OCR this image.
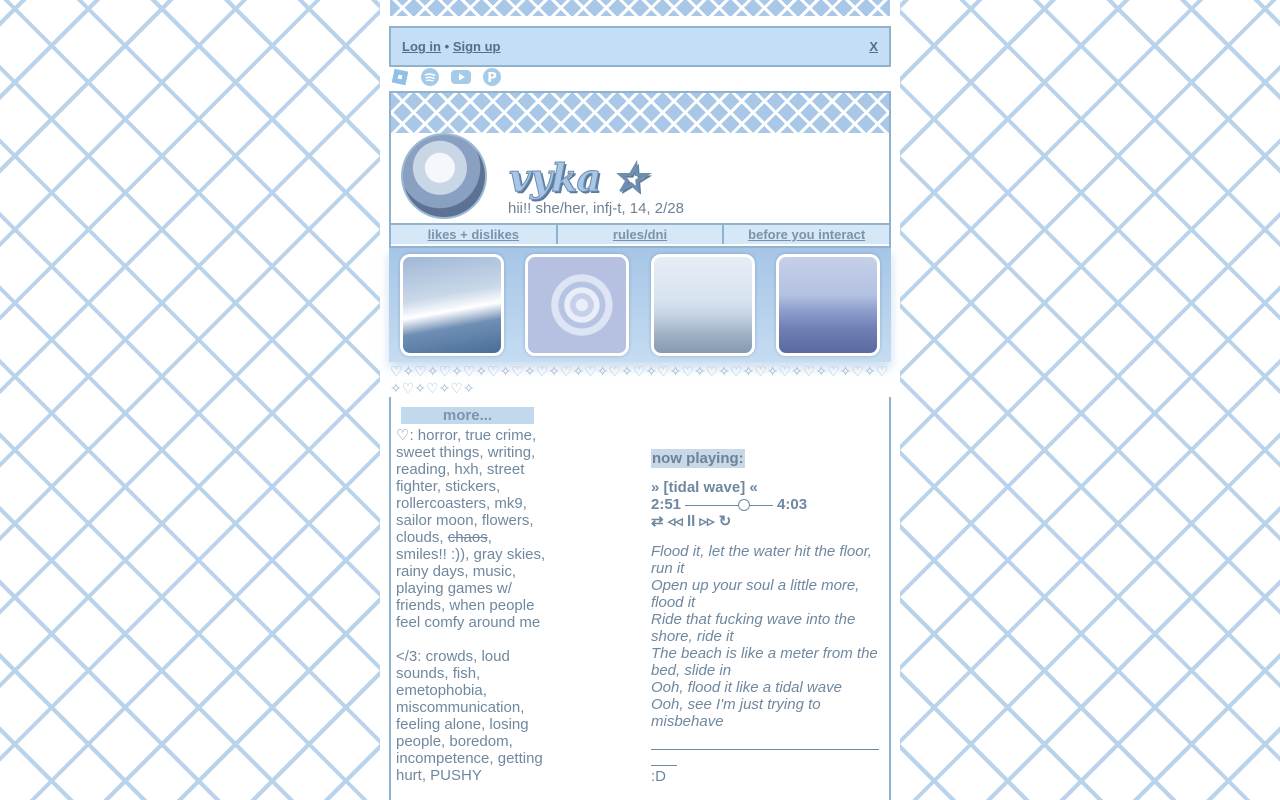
Log in • Sign up	X
P
vyka ☆
hii!! she/her, infj-t, 14, 2/28
likes + dislikes	rules/dni	before you interact
♡✧♡✧♡✧♡✧♡✧♡✧♡✧♡✧♡✧♡✧♡✧♡✧♡✧♡✧♡✧♡✧♡✧♡✧♡✧♡✧♡✧♡✧♡✧♡✧
more...

♡: horror, true crime, sweet things, writing, reading, hxh, street fighter, stickers, rollercoasters, mk9, sailor moon, flowers, clouds, chaos, smiles!! :)), gray skies, rainy days, music, playing games w/ friends, when people feel comfy around me

</3: crowds, loud sounds, fish, emetophobia, miscommunication, feeling alone, losing people, boredom, incompetence, getting hurt, PUSHY

now playing:
» [tidal wave] «
2:51	4:03
⇄ ◃◃ ll ▹▹ ↻
Flood it, let the water hit the floor, run it
Open up your soul a little more, flood it
Ride that fucking wave into the shore, ride it
The beach is like a meter from the bed, slide in
Ooh, flood it like a tidal wave
Ooh, see I'm just trying to misbehave
:D
